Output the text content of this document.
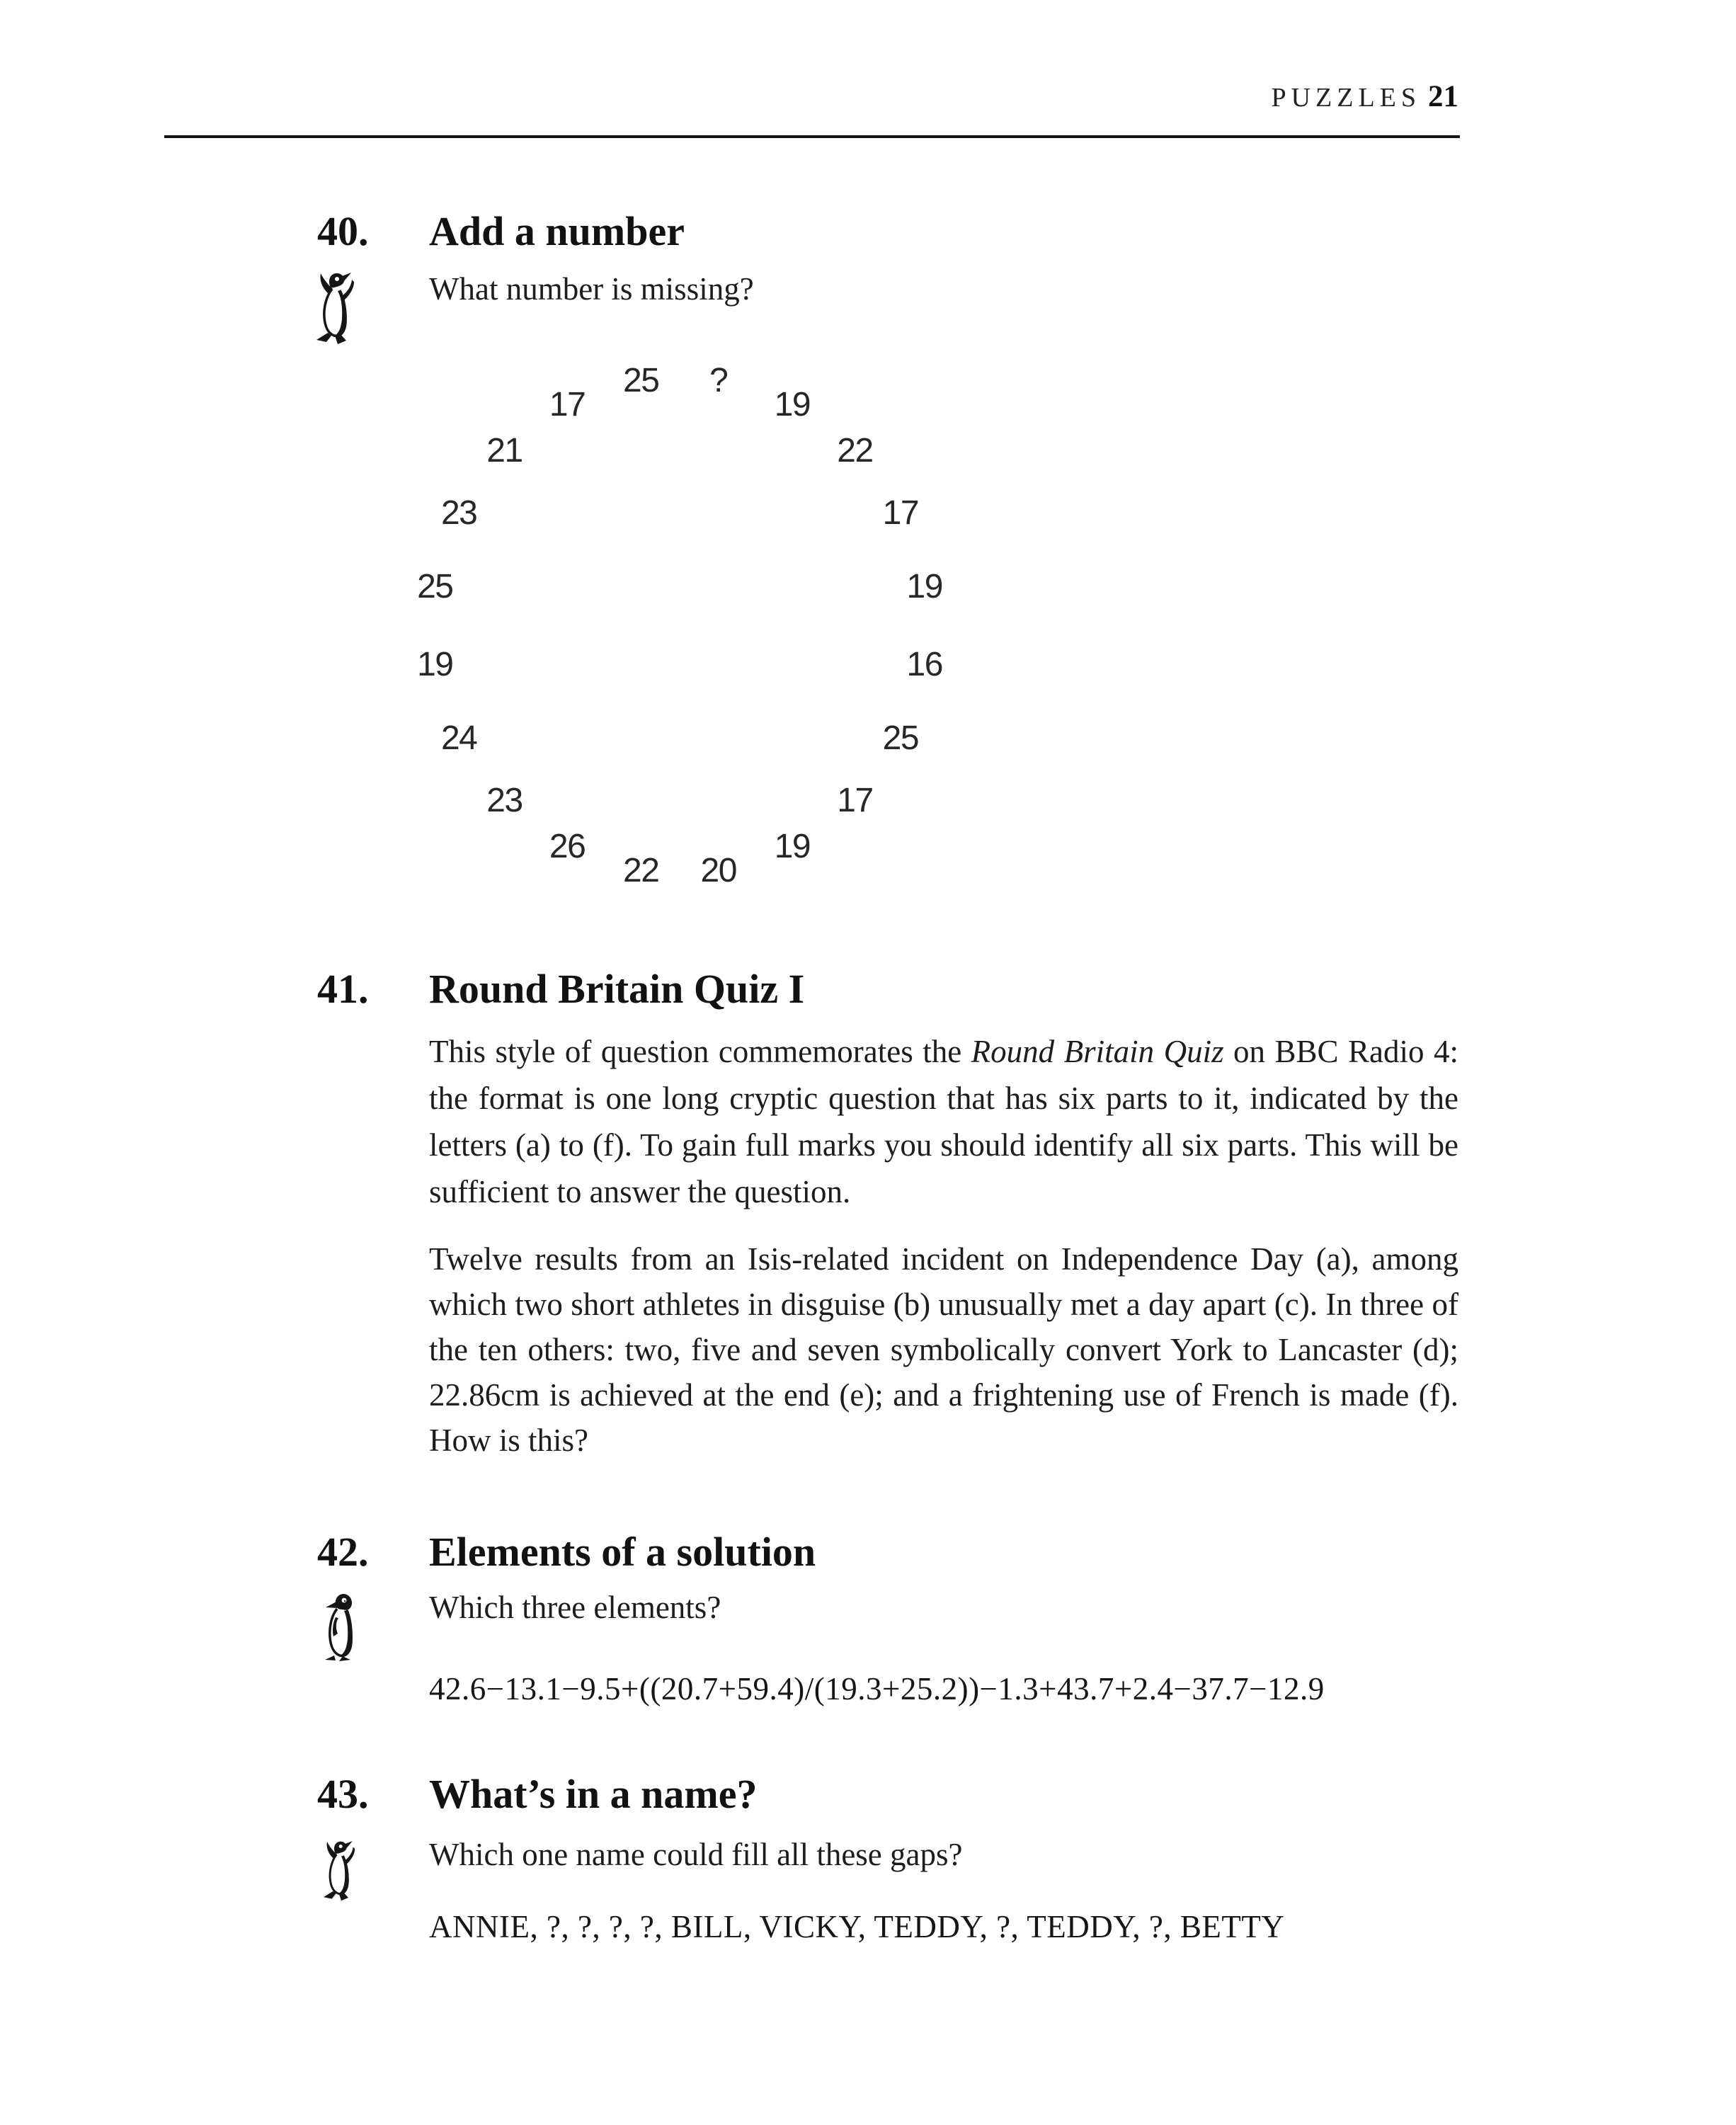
PUZZLES 21
40. Add a number
What number is missing?
?
19
22
17
19
16
25
17
19
20
22
26
23
24
19
25
23
21
17
25
41. Round Britain Quiz I
This style of question commemorates the Round Britain Quiz on BBC Radio 4: the format is one long cryptic question that has six parts to it, indicated by the letters (a) to (f). To gain full marks you should identify all six parts. This will be sufficient to answer the question.
Twelve results from an Isis-related incident on Independence Day (a), among which two short athletes in disguise (b) unusually met a day apart (c). In three of the ten others: two, five and seven symbolically convert York to Lancaster (d); 22.86cm is achieved at the end (e); and a frightening use of French is made (f). How is this?
42. Elements of a solution
Which three elements?
42.6−13.1−9.5+((20.7+59.4)/(19.3+25.2))−1.3+43.7+2.4−37.7−12.9
43. What’s in a name?
Which one name could fill all these gaps?
ANNIE, ?, ?, ?, ?, BILL, VICKY, TEDDY, ?, TEDDY, ?, BETTY
